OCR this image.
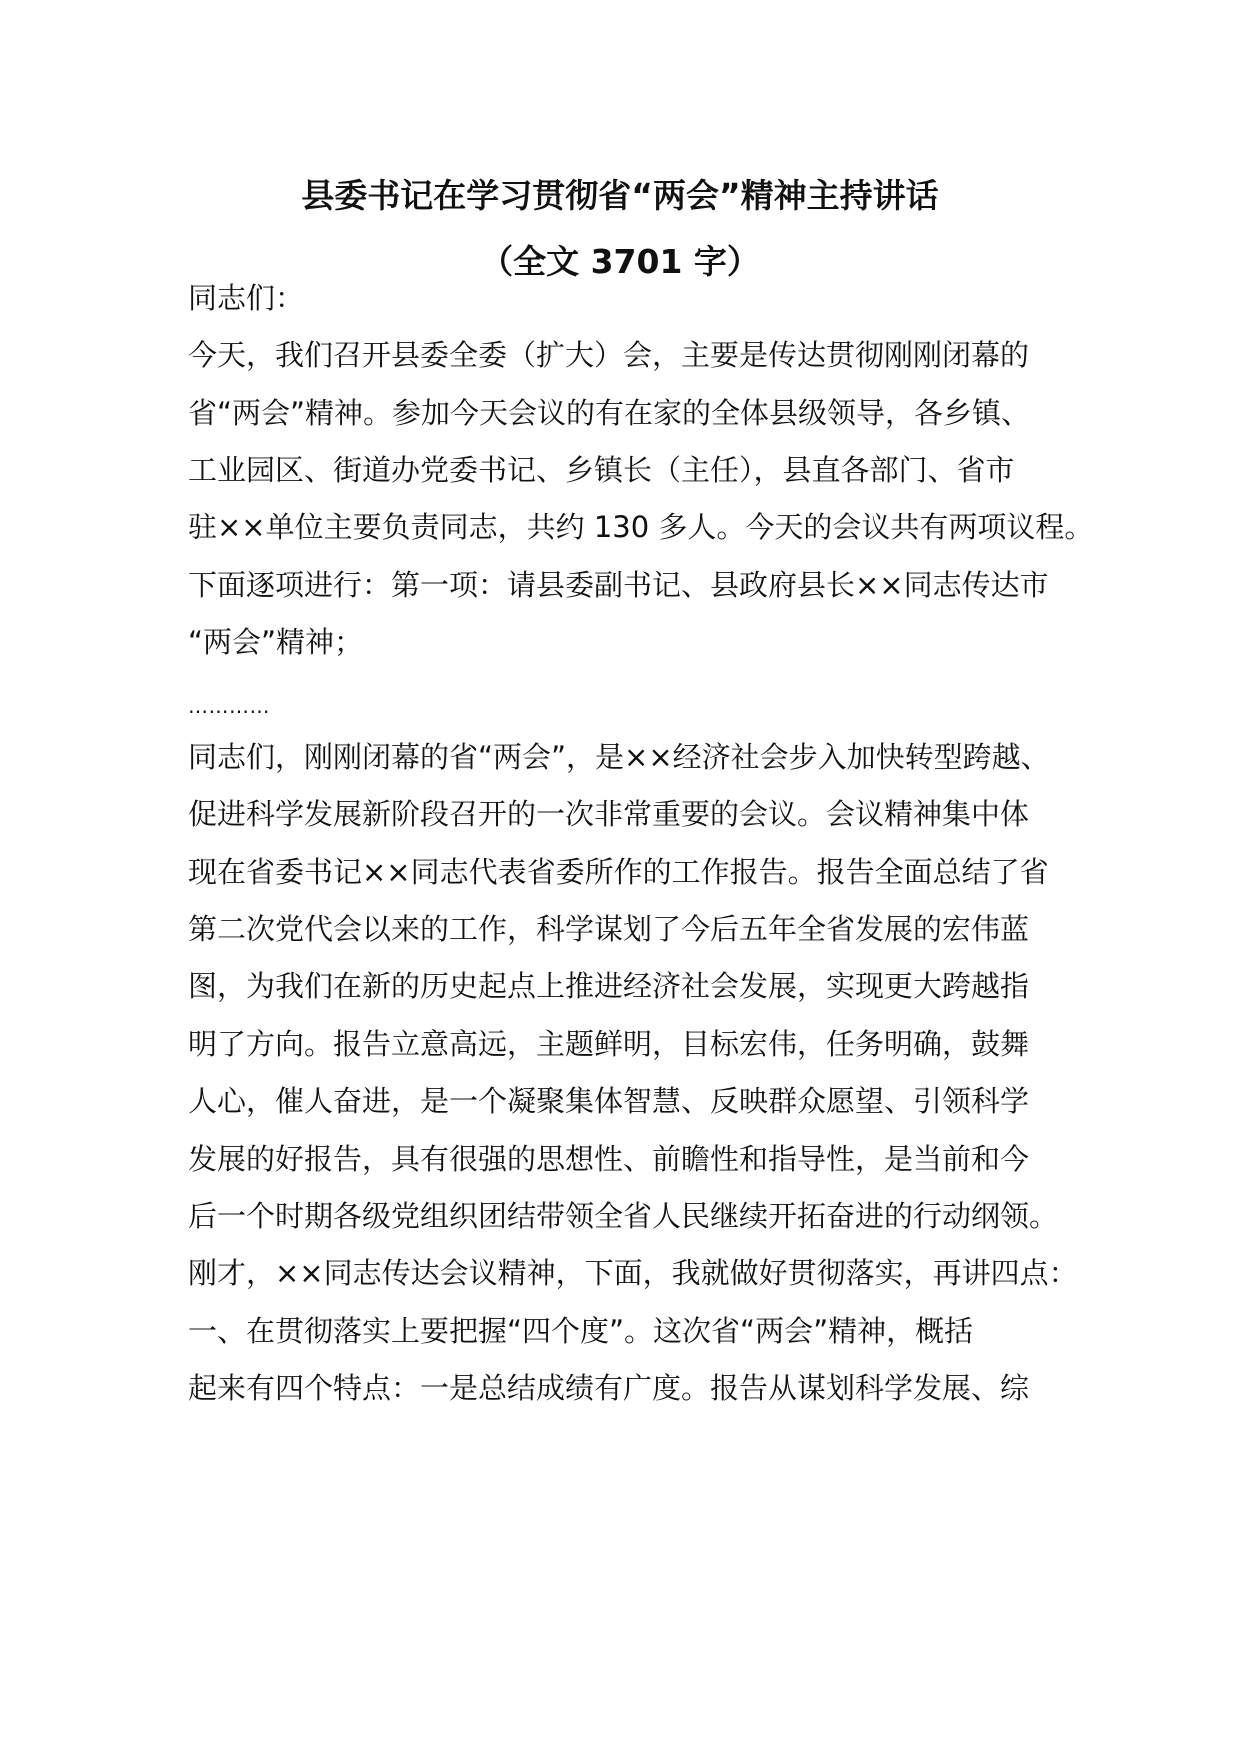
县委书记在学习贯彻省“两会”精神主持讲话
（全文 3701 字）
同志们：
今天，我们召开县委全委（扩大）会，主要是传达贯彻刚刚闭幕的
省“两会”精神。参加今天会议的有在家的全体县级领导，各乡镇、
工业园区、街道办党委书记、乡镇长（主任），县直各部门、省市
驻××单位主要负责同志，共约 130 多人。今天的会议共有两项议程。
下面逐项进行：第一项：请县委副书记、县政府县长××同志传达市
“两会”精神；
…………
同志们，刚刚闭幕的省“两会”，是××经济社会步入加快转型跨越、
促进科学发展新阶段召开的一次非常重要的会议。会议精神集中体
现在省委书记××同志代表省委所作的工作报告。报告全面总结了省
第二次党代会以来的工作，科学谋划了今后五年全省发展的宏伟蓝
图，为我们在新的历史起点上推进经济社会发展，实现更大跨越指
明了方向。报告立意高远，主题鲜明，目标宏伟，任务明确，鼓舞
人心，催人奋进，是一个凝聚集体智慧、反映群众愿望、引领科学
发展的好报告，具有很强的思想性、前瞻性和指导性，是当前和今
后一个时期各级党组织团结带领全省人民继续开拓奋进的行动纲领。
刚才，××同志传达会议精神，下面，我就做好贯彻落实，再讲四点：
一、在贯彻落实上要把握“四个度”。这次省“两会”精神，概括
起来有四个特点：一是总结成绩有广度。报告从谋划科学发展、综
